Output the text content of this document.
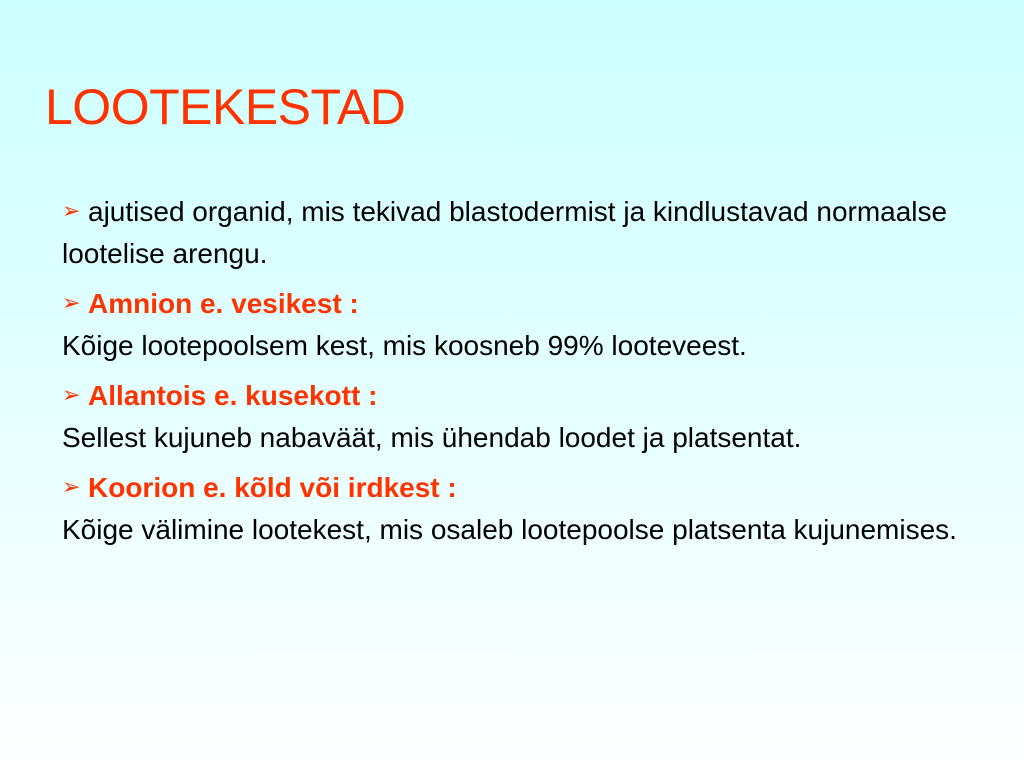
LOOTEKESTAD

➢ ajutised organid, mis tekivad blastodermist ja kindlustavad normaalse lootelise arengu.

➢ Amnion e. vesikest :
Kõige lootepoolsem kest, mis koosneb 99% looteveest.

➢ Allantois e. kusekott :
Sellest kujuneb nabaväät, mis ühendab loodet ja platsentat.

➢ Koorion e. kõld või irdkest :
Kõige välimine lootekest, mis osaleb lootepoolse platsenta kujunemises.
